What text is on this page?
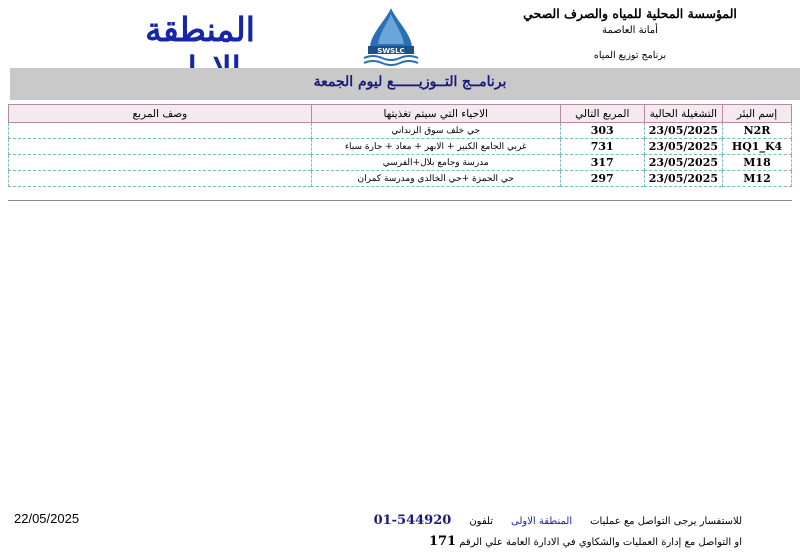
المؤسسة المحلية للمياه والصرف الصحي
أمانة العاصمة
برنامج توزيع المياه
SWSLC
المنطقة
برنامــج التــوزيــــــع ليوم الجمعة
إسم البئر	التشغيلة الحالية	المربع التالي	الاحياء التي سيتم تغذيتها	وصف المربع
N2R	23/05/2025	303	حي خلف سوق الزنداني	
HQ1_K4	23/05/2025	731	غربي الجامع الكبير + الابهر + معاد + حارة سباء	
M18	23/05/2025	317	مدرسة وجامع بلال+الفرسي	
M12	23/05/2025	297	حي الحمزة +حي الخالدي ومدرسة كمران	
22/05/2025	للاستفسار يرجى التواصل مع عمليات
المنطقة الاولى
تلفون
01-544920
او التواصل مع إدارة العمليات والشكاوي في الادارة العامة علي الرقم 171
